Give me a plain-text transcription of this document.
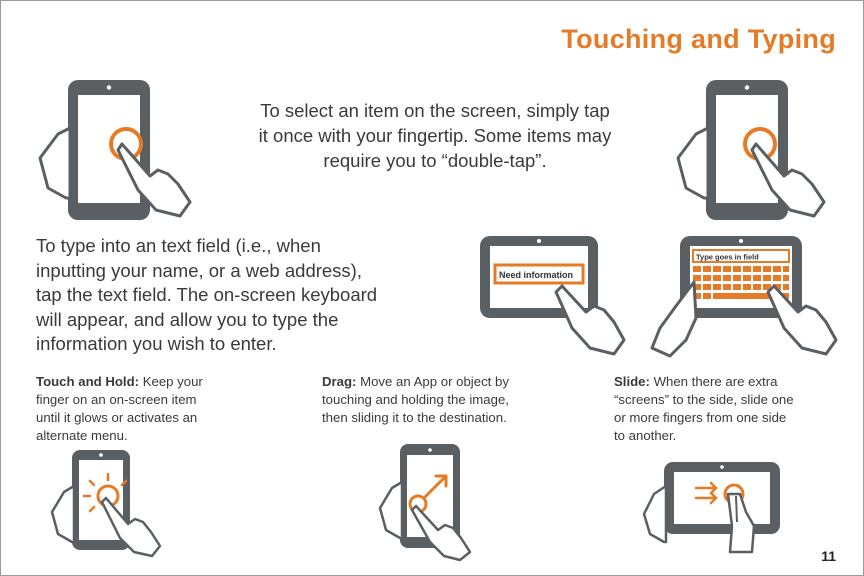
Touching and Typing
To select an item on the screen, simply tap
it once with your fingertip. Some items may
require you to “double-tap”.
To type into an text field (i.e., when
inputting your name, or a web address),
tap the text field. The on-screen keyboard
will appear, and allow you to type the
information you wish to enter.
Need information
Type goes in field
Touch and Hold: Keep your
finger on an on-screen item
until it glows or activates an
alternate menu.
Drag: Move an App or object by
touching and holding the image,
then sliding it to the destination.
Slide: When there are extra
“screens” to the side, slide one
or more fingers from one side
to another.
11
